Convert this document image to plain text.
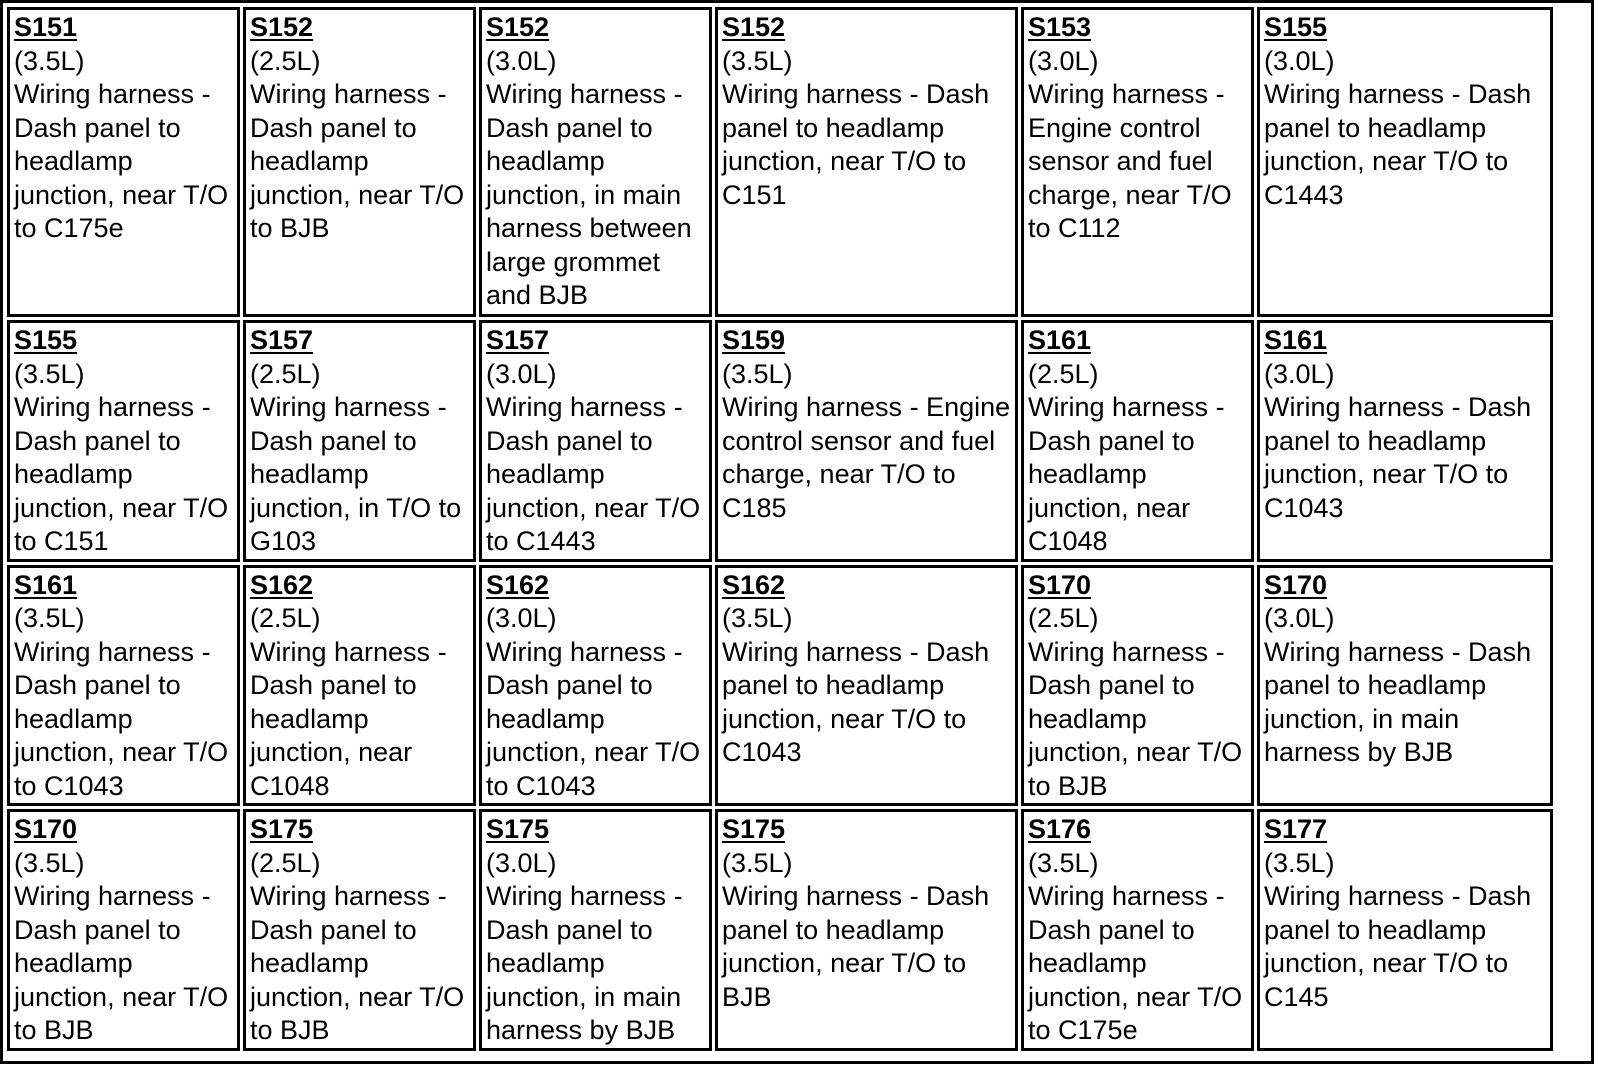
S151
(3.5L)
Wiring harness - Dash panel to headlamp junction, near T/O to C175e	S152
(2.5L)
Wiring harness - Dash panel to headlamp junction, near T/O to BJB	S152
(3.0L)
Wiring harness - Dash panel to headlamp junction, in main harness between large grommet and BJB	S152
(3.5L)
Wiring harness - Dash panel to headlamp junction, near T/O to C151	S153
(3.0L)
Wiring harness - Engine control sensor and fuel charge, near T/O to C112	S155
(3.0L)
Wiring harness - Dash panel to headlamp junction, near T/O to C1443

S155
(3.5L)
Wiring harness - Dash panel to headlamp junction, near T/O to C151	S157
(2.5L)
Wiring harness - Dash panel to headlamp junction, in T/O to G103	S157
(3.0L)
Wiring harness - Dash panel to headlamp junction, near T/O to C1443	S159
(3.5L)
Wiring harness - Engine control sensor and fuel charge, near T/O to C185	S161
(2.5L)
Wiring harness - Dash panel to headlamp junction, near C1048	S161
(3.0L)
Wiring harness - Dash panel to headlamp junction, near T/O to C1043

S161
(3.5L)
Wiring harness - Dash panel to headlamp junction, near T/O to C1043	S162
(2.5L)
Wiring harness - Dash panel to headlamp junction, near C1048	S162
(3.0L)
Wiring harness - Dash panel to headlamp junction, near T/O to C1043	S162
(3.5L)
Wiring harness - Dash panel to headlamp junction, near T/O to C1043	S170
(2.5L)
Wiring harness - Dash panel to headlamp junction, near T/O to BJB	S170
(3.0L)
Wiring harness - Dash panel to headlamp junction, in main harness by BJB

S170
(3.5L)
Wiring harness - Dash panel to headlamp junction, near T/O to BJB	S175
(2.5L)
Wiring harness - Dash panel to headlamp junction, near T/O to BJB	S175
(3.0L)
Wiring harness - Dash panel to headlamp junction, in main harness by BJB	S175
(3.5L)
Wiring harness - Dash panel to headlamp junction, near T/O to BJB	S176
(3.5L)
Wiring harness - Dash panel to headlamp junction, near T/O to C175e	S177
(3.5L)
Wiring harness - Dash panel to headlamp junction, near T/O to C145
